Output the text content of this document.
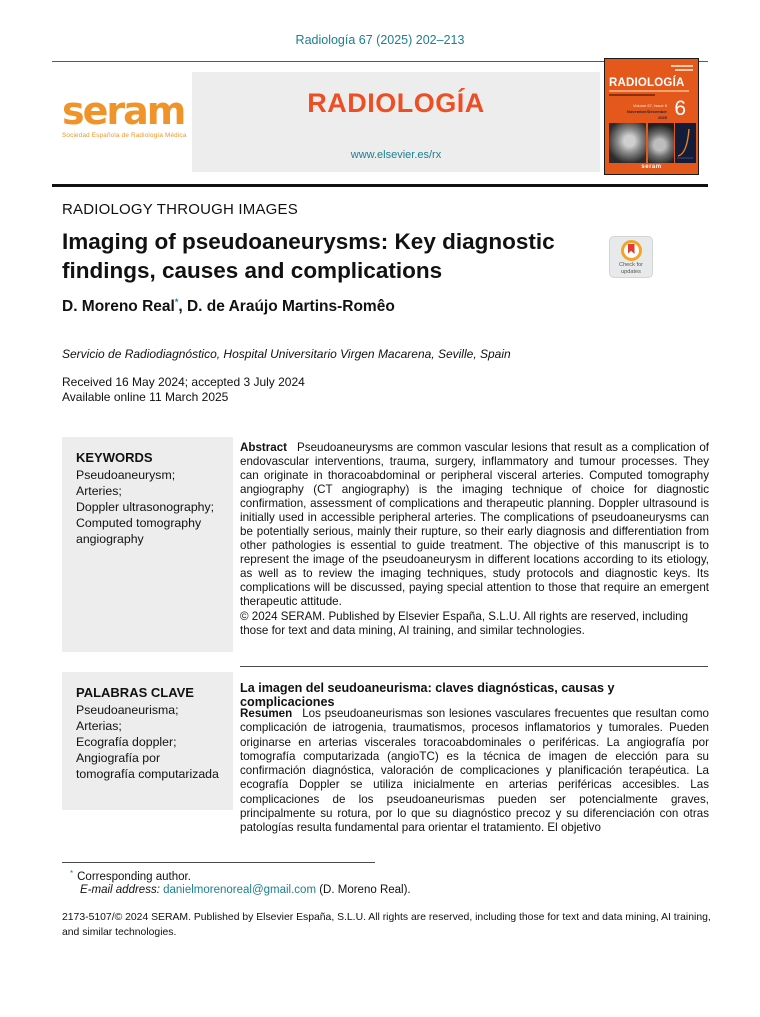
Radiología 67 (2025) 202–213
seram
Sociedad Española de Radiología Médica
RADIOLOGÍA
www.elsevier.es/rx
RADIOLOGÍA
Volume 67, Issue 6
November/December 2025 6
seram
RADIOLOGY THROUGH IMAGES
Imaging of pseudoaneurysms: Key diagnostic findings, causes and complications	Check for updates
D. Moreno Real*, D. de Araújo Martins-Romêo
Servicio de Radiodiagnóstico, Hospital Universitario Virgen Macarena, Seville, Spain
Received 16 May 2024; accepted 3 July 2024
Available online 11 March 2025
KEYWORDS
Pseudoaneurysm;
Arteries;
Doppler ultrasonography;
Computed tomography angiography
Abstract Pseudoaneurysms are common vascular lesions that result as a complication of endovascular interventions, trauma, surgery, inflammatory and tumour processes. They can originate in thoracoabdominal or peripheral visceral arteries. Computed tomography angiography (CT angiography) is the imaging technique of choice for diagnostic confirmation, assessment of complications and therapeutic planning. Doppler ultrasound is initially used in accessible peripheral arteries. The complications of pseudoaneurysms can be potentially serious, mainly their rupture, so their early diagnosis and differentiation from other pathologies is essential to guide treatment. The objective of this manuscript is to represent the image of the pseudoaneurysm in different locations according to its etiology, as well as to review the imaging techniques, study protocols and diagnostic keys. Its complications will be discussed, paying special attention to those that require an emergent therapeutic attitude.
© 2024 SERAM. Published by Elsevier España, S.L.U. All rights are reserved, including those for text and data mining, AI training, and similar technologies.
PALABRAS CLAVE
Pseudoaneurisma;
Arterias;
Ecografía doppler;
Angiografía por tomografía computarizada
La imagen del seudoaneurisma: claves diagnósticas, causas y complicaciones
Resumen Los pseudoaneurismas son lesiones vasculares frecuentes que resultan como complicación de iatrogenia, traumatismos, procesos inflamatorios y tumorales. Pueden originarse en arterias viscerales toracoabdominales o periféricas. La angiografía por tomografía computarizada (angioTC) es la técnica de imagen de elección para su confirmación diagnóstica, valoración de complicaciones y planificación terapéutica. La ecografía Doppler se utiliza inicialmente en arterias periféricas accesibles. Las complicaciones de los pseudoaneurismas pueden ser potencialmente graves, principalmente su rotura, por lo que su diagnóstico precoz y su diferenciación con otras patologías resulta fundamental para orientar el tratamiento. El objetivo
* Corresponding author.
E-mail address: danielmorenoreal@gmail.com (D. Moreno Real).
2173-5107/© 2024 SERAM. Published by Elsevier España, S.L.U. All rights are reserved, including those for text and data mining, AI training, and similar technologies.
